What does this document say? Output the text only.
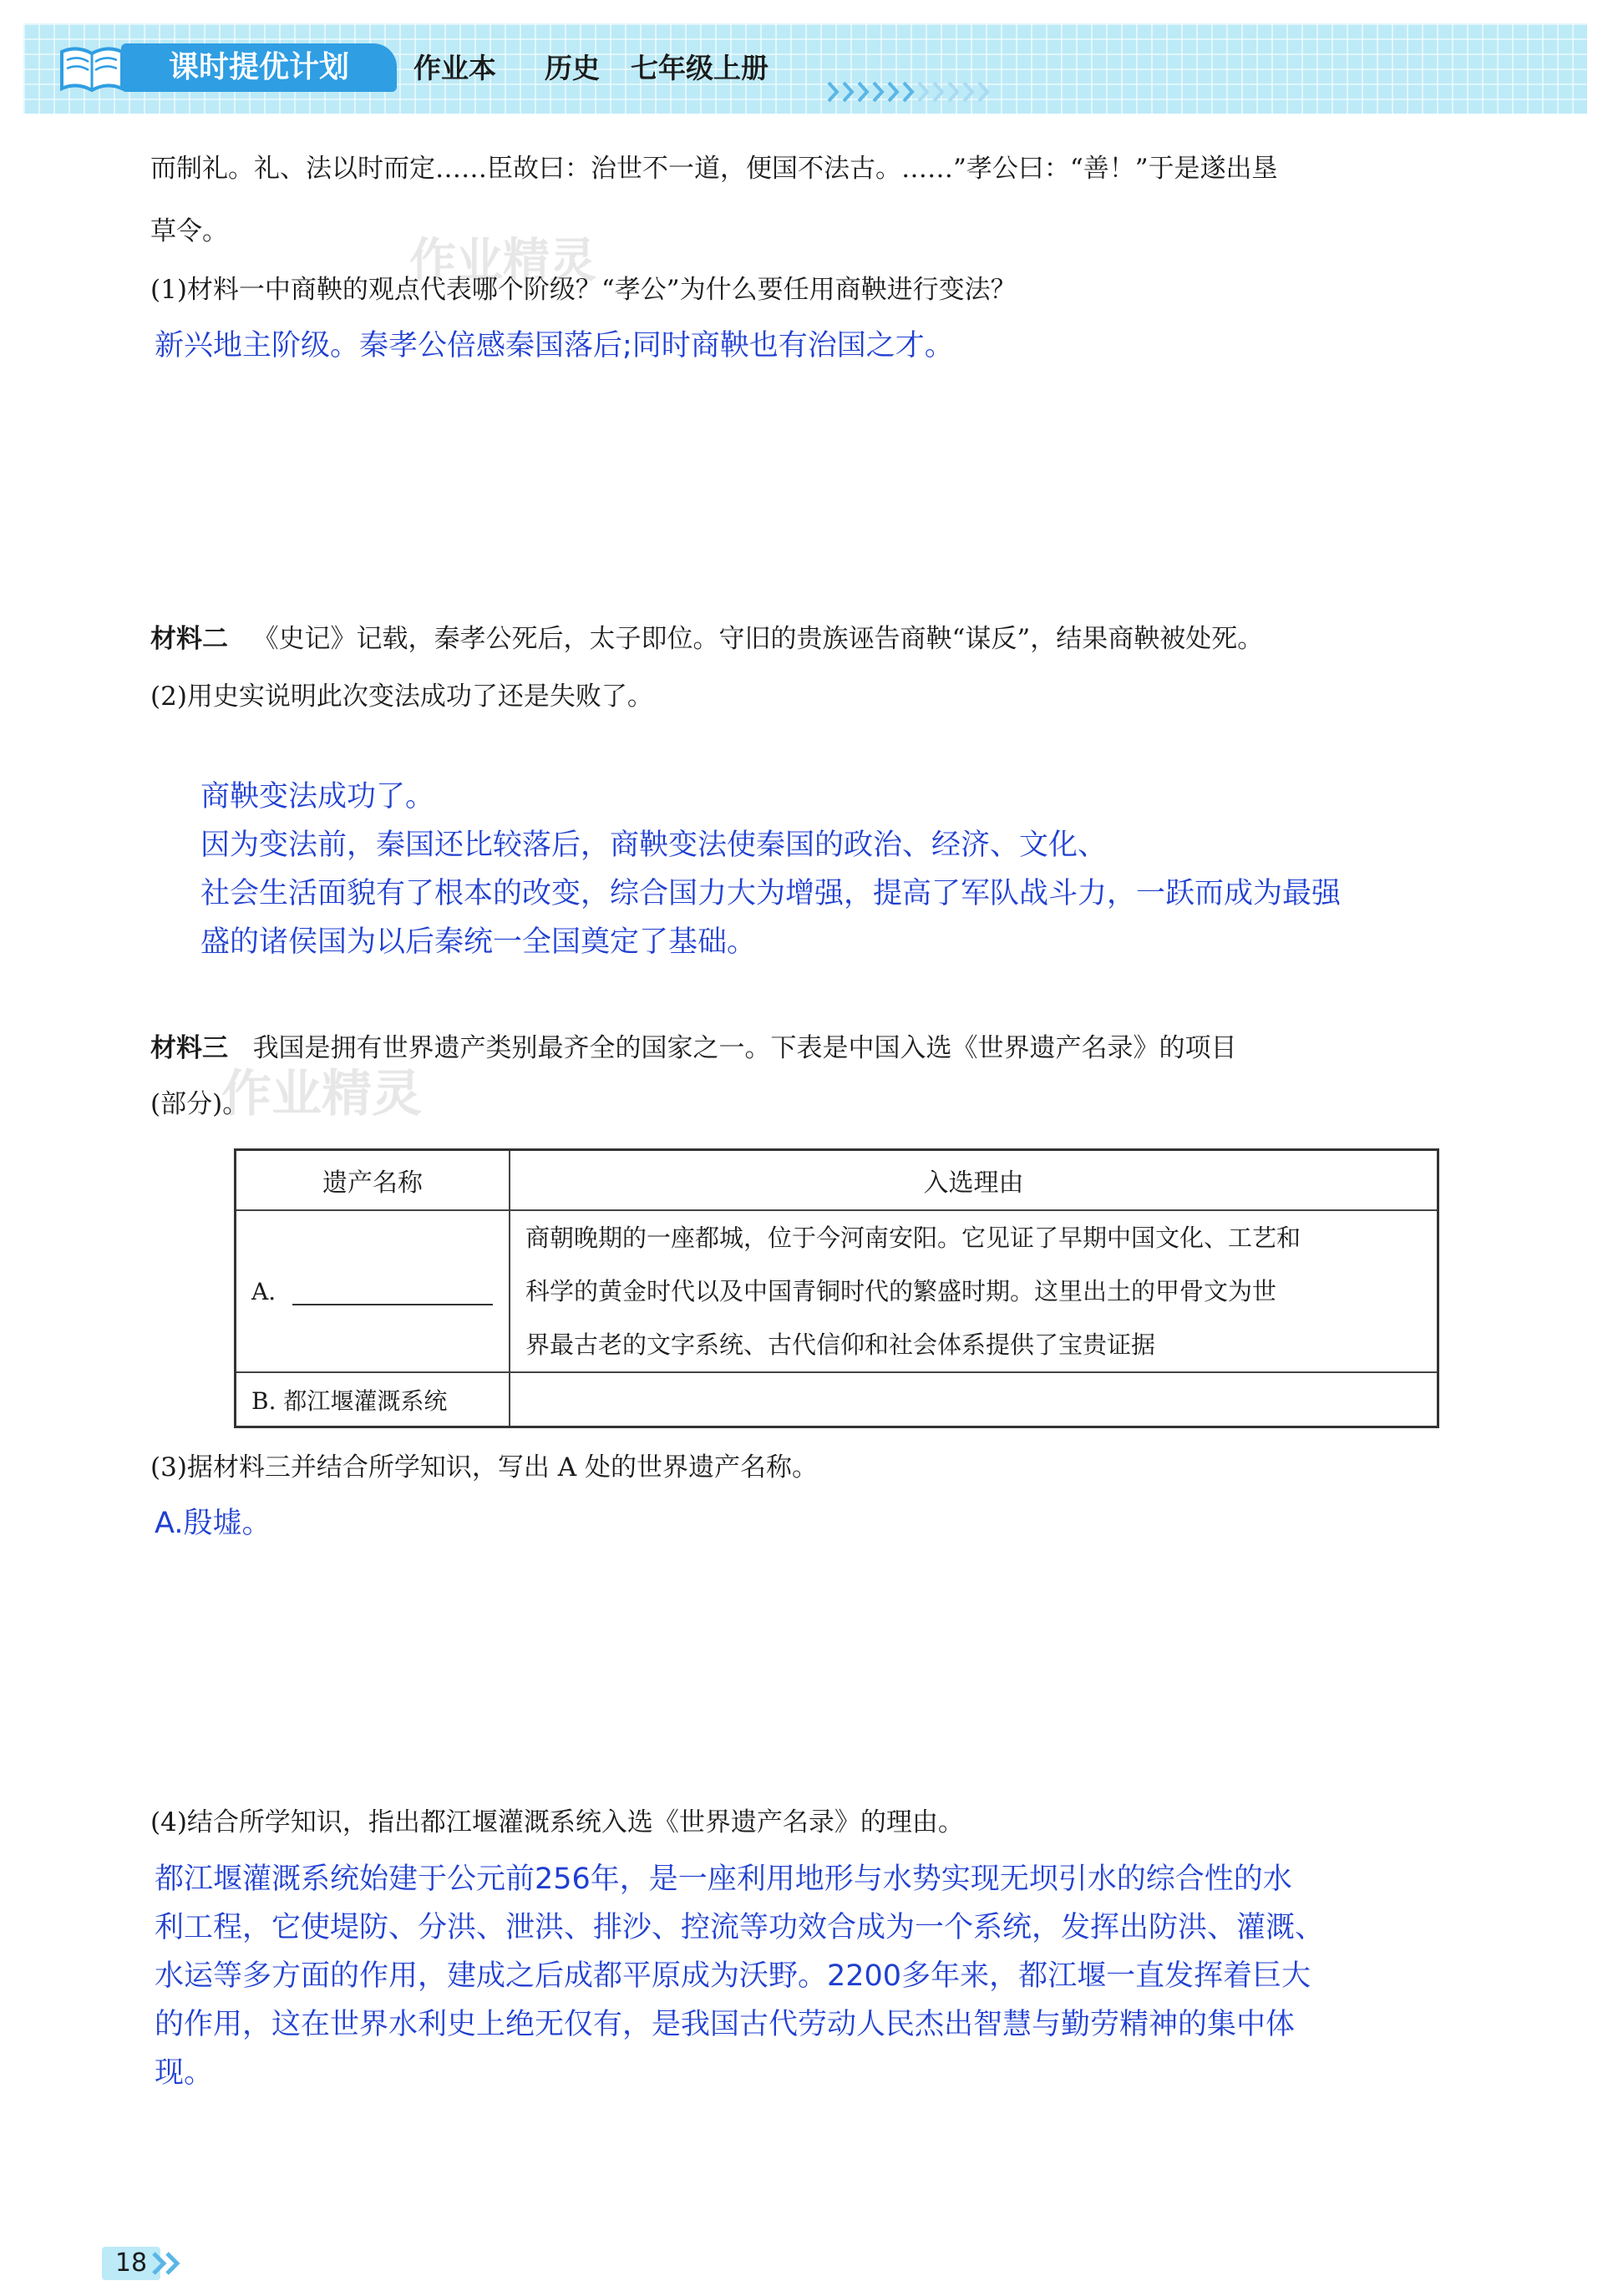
课时提优计划	作业本 历史 七年级上册
作业精灵
作业精灵
而制礼。礼、法以时而定……臣故曰：治世不一道，便国不法古。……”孝公曰：“善！”于是遂出垦
草令。
(1)材料一中商鞅的观点代表哪个阶级？“孝公”为什么要任用商鞅进行变法？
新兴地主阶级。秦孝公倍感秦国落后;同时商鞅也有治国之才。
材料二 《史记》记载，秦孝公死后，太子即位。守旧的贵族诬告商鞅“谋反”，结果商鞅被处死。
(2)用史实说明此次变法成功了还是失败了。
商鞅变法成功了。
因为变法前，秦国还比较落后，商鞅变法使秦国的政治、经济、文化、
社会生活面貌有了根本的改变，综合国力大为增强，提高了军队战斗力，一跃而成为最强
盛的诸侯国为以后秦统一全国奠定了基础。
材料三 我国是拥有世界遗产类别最齐全的国家之一。下表是中国入选《世界遗产名录》的项目
(部分)。
遗产名称	入选理由
A.	商朝晚期的一座都城，位于今河南安阳。它见证了早期中国文化、工艺和
科学的黄金时代以及中国青铜时代的繁盛时期。这里出土的甲骨文为世
界最古老的文字系统、古代信仰和社会体系提供了宝贵证据

B. 都江堰灌溉系统	
(3)据材料三并结合所学知识，写出 A 处的世界遗产名称。
A.殷墟。
(4)结合所学知识，指出都江堰灌溉系统入选《世界遗产名录》的理由。
都江堰灌溉系统始建于公元前256年，是一座利用地形与水势实现无坝引水的综合性的水
利工程，它使堤防、分洪、泄洪、排沙、控流等功效合成为一个系统，发挥出防洪、灌溉、
水运等多方面的作用，建成之后成都平原成为沃野。2200多年来，都江堰一直发挥着巨大
的作用，这在世界水利史上绝无仅有，是我国古代劳动人民杰出智慧与勤劳精神的集中体
现。
18
